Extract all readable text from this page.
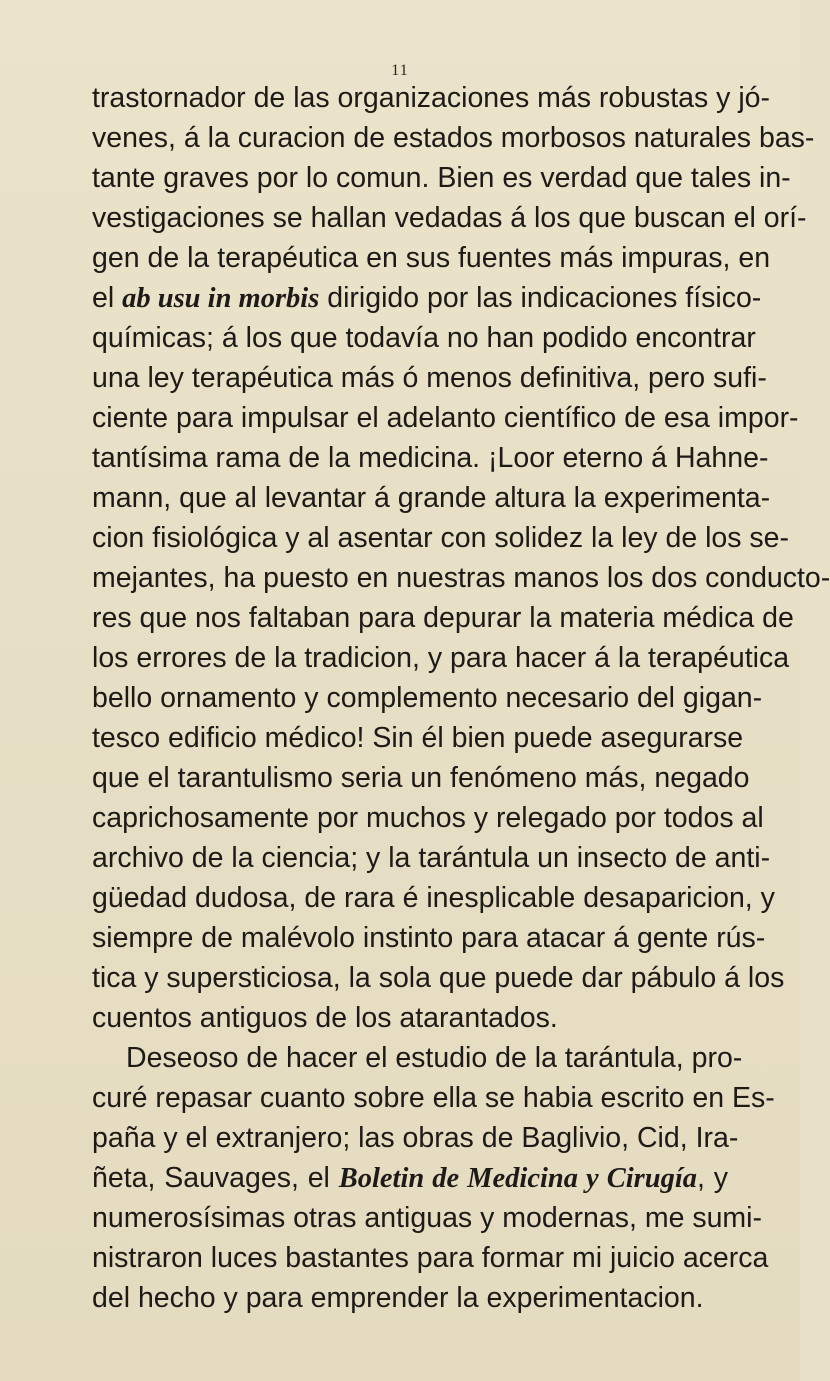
11
trastornador de las organizaciones más robustas y jó-
venes, á la curacion de estados morbosos naturales bas-
tante graves por lo comun. Bien es verdad que tales in-
vestigaciones se hallan vedadas á los que buscan el orí-
gen de la terapéutica en sus fuentes más impuras, en
el ab usu in morbis dirigido por las indicaciones físico-
químicas; á los que todavía no han podido encontrar
una ley terapéutica más ó menos definitiva, pero sufi-
ciente para impulsar el adelanto científico de esa impor-
tantísima rama de la medicina. ¡Loor eterno á Hahne-
mann, que al levantar á grande altura la experimenta-
cion fisiológica y al asentar con solidez la ley de los se-
mejantes, ha puesto en nuestras manos los dos conducto-
res que nos faltaban para depurar la materia médica de
los errores de la tradicion, y para hacer á la terapéutica
bello ornamento y complemento necesario del gigan-
tesco edificio médico! Sin él bien puede asegurarse
que el tarantulismo seria un fenómeno más, negado
caprichosamente por muchos y relegado por todos al
archivo de la ciencia; y la tarántula un insecto de anti-
güedad dudosa, de rara é inesplicable desaparicion, y
siempre de malévolo instinto para atacar á gente rús-
tica y supersticiosa, la sola que puede dar pábulo á los
cuentos antiguos de los atarantados.
Deseoso de hacer el estudio de la tarántula, pro-
curé repasar cuanto sobre ella se habia escrito en Es-
paña y el extranjero; las obras de Baglivio, Cid, Ira-
ñeta, Sauvages, el Boletin de Medicina y Cirugía, y
numerosísimas otras antiguas y modernas, me sumi-
nistraron luces bastantes para formar mi juicio acerca
del hecho y para emprender la experimentacion.
